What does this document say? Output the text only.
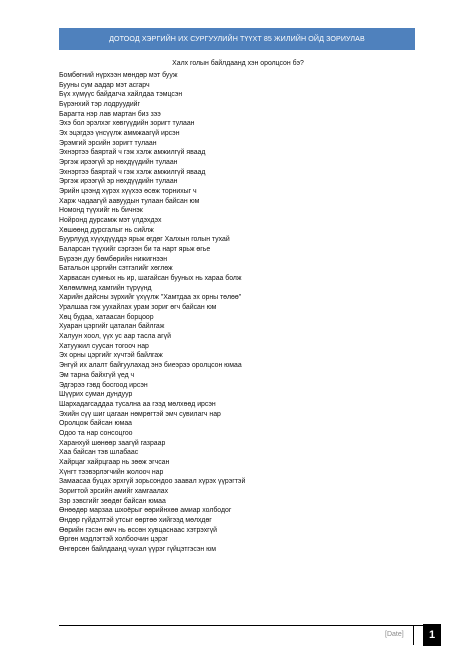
ДОТООД ХЭРГИЙН ИХ СУРГУУЛИЙН ТҮҮХТ 85 ЖИЛИЙН ОЙД ЗОРИУЛАВ
Халх голын байлдаанд хэн оролцсон бэ?
Бомбөгний нүрхээн мөндөр мэт бууж
Бууны сум аадар мэт асгарч
Бүх хүмүүс байдагча хайлдаа тэмцсэн
Бүрэнхий тэр лодруудийг
Барагта нэр лав мартан биз зээ
Эхэ бол эрэлхэг хөвгүүдийн зоригт тулаан
Эх эцэгдээ үнсүүлж аммжаагүй ирсэн
Эрэмгий эрсийн зоригт тулаан
Эхнэртээ баяртай ч гэж хэлж амжилгүй яваад
Эргэж ирээгүй эр нөхдүүдийн тулаан
Эхнэртээ баяртай ч гэж хэлж амжилгүй яваад
Эргэж ирээгүй эр нөхдүүдийн тулаан
Эрийн цээнд хүрэх хүүхээ өсөж торнихыг ч
Харж чадаагүй аавуудын тулаан байсан юм
Номонд түүхийг нь бичнэк
Нойронд дурсамж мэт үлдэхдэх
Хөшөөнд дурсгалыг нь сийлж
Буурлууд хүүхдүүддэ ярьж өгдөг Халхын голын тухай
Баларсан түүхийг сэргээн би та нарт ярьж өгье
Бүрээн дуу бөмбөрийн нижигнээн
Батальон цэргийн сэтгэлийг хөглөж
Харвасан сумных нь ир, шагайсан бууных нь хараа болж
Хөлөмлмнд хамгийн түрүүнд
Харийн дайсны зүрхийг үхүүлж "Хамтдаа эх орны төлөө"
Уралшаа гэж уухайлах урам зориг өгч байсан юм
Хөц будаа, хатаасан борцоор
Хуаран цэргийг цаталан байлгаж
Халуун хоол, үүх ус аар тасла агүй
Хатуужил суусан тогооч нар
Эх орны цэргийг хүчтэй байлгаж
Энгүй их алалт байгуулахад энэ биеэрээ оролцсон юмаа
Эм тарна байхгүй үед ч
Эдгэрээ гэвд босгоод ирсэн
Шүүрих суман дундуур
Шархадагсаддаа тусална аа гээд мөлхөөд ирсэн
Эхийн сүү шиг цагаан нөмрөгтэй эмч сувилагч нар
Оролцож байсан юмаа
Одоо та нар сонсоцгоо
Харанхуй шөнөөр заагүй газраар
Хаа байсан тэв шлабаас
Хайрцаг хайрцгаар нь зөөж эгчсан
Хүнгт тээвэрлэгчийн жолооч нар
Замаасаа буцах эрхгүй зорьсондоо заавал хүрэх үүрэгтэй
Зоригтой эрсийн амийг хамгаалах
Зэр зэвсгийг зөөдөг байсан юмаа
Өнөөдөр марзаа шхоёрыг өөрийнхөө амиар холбодог
Өндөр гүйдэлтэй утсыг өөртөө хийгээд мөлхдөг
Өөрийн гэсэн өмч нь өссөн хувцаснаас хэтрэхгүй
Өргөн мэдлэгтэй холбоочин цэрэг
Өнгөрсөн байлдаанд чухал үүрэг гүйцэтгэсэн юм
[Date]	1
